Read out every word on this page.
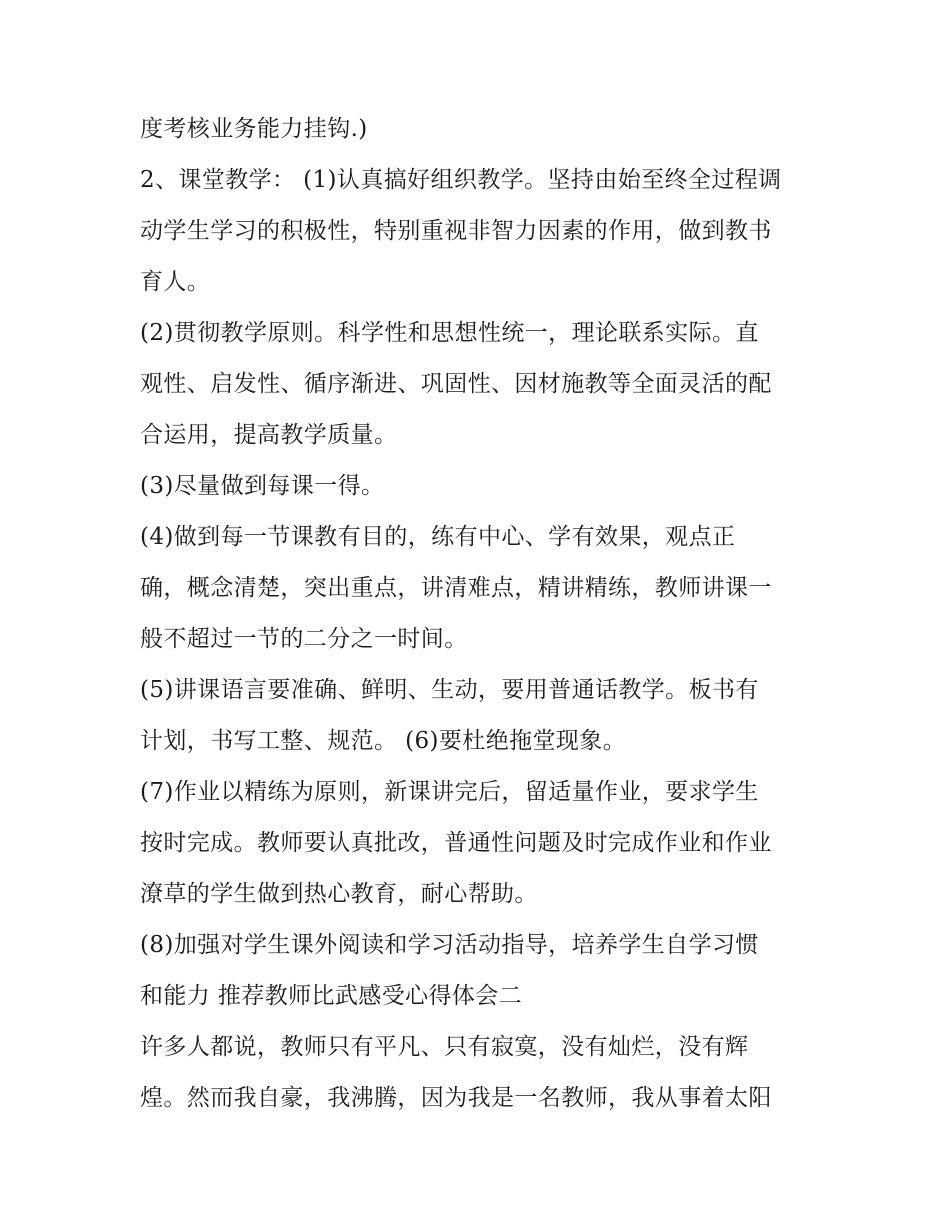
度考核业务能力挂钩.)
2、课堂教学： (1)认真搞好组织教学。坚持由始至终全过程调
动学生学习的积极性，特别重视非智力因素的作用，做到教书
育人。
(2)贯彻教学原则。科学性和思想性统一，理论联系实际。直
观性、启发性、循序渐进、巩固性、因材施教等全面灵活的配
合运用，提高教学质量。
(3)尽量做到每课一得。
(4)做到每一节课教有目的，练有中心、学有效果，观点正
确，概念清楚，突出重点，讲清难点，精讲精练，教师讲课一
般不超过一节的二分之一时间。
(5)讲课语言要准确、鲜明、生动，要用普通话教学。板书有
计划，书写工整、规范。 (6)要杜绝拖堂现象。
(7)作业以精练为原则，新课讲完后，留适量作业，要求学生
按时完成。教师要认真批改，普通性问题及时完成作业和作业
潦草的学生做到热心教育，耐心帮助。
(8)加强对学生课外阅读和学习活动指导，培养学生自学习惯
和能力 推荐教师比武感受心得体会二
许多人都说，教师只有平凡、只有寂寞，没有灿烂，没有辉
煌。然而我自豪，我沸腾，因为我是一名教师，我从事着太阳
